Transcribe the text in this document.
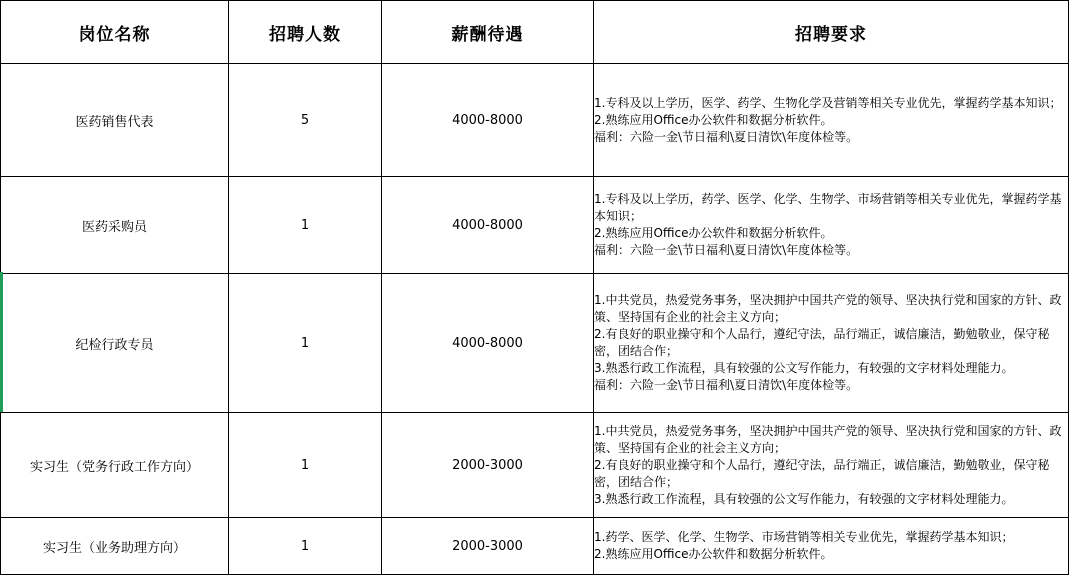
岗位名称	招聘人数	薪酬待遇	招聘要求
医药销售代表	5	4000-8000	1.专科及以上学历，医学、药学、生物化学及营销等相关专业优先，掌握药学基本知识；
2.熟练应用Office办公软件和数据分析软件。
福利：六险一金\节日福利\夏日清饮\年度体检等。

医药采购员	1	4000-8000	1.专科及以上学历，药学、医学、化学、生物学、市场营销等相关专业优先，掌握药学基本知识；
2.熟练应用Office办公软件和数据分析软件。
福利：六险一金\节日福利\夏日清饮\年度体检等。

纪检行政专员	1	4000-8000	1.中共党员，热爱党务事务，坚决拥护中国共产党的领导、坚决执行党和国家的方针、政策、坚持国有企业的社会主义方向；
2.有良好的职业操守和个人品行，遵纪守法，品行端正，诚信廉洁，勤勉敬业，保守秘密，团结合作；
3.熟悉行政工作流程，具有较强的公文写作能力，有较强的文字材料处理能力。
福利：六险一金\节日福利\夏日清饮\年度体检等。

实习生（党务行政工作方向）	1	2000-3000	1.中共党员，热爱党务事务，坚决拥护中国共产党的领导、坚决执行党和国家的方针、政策、坚持国有企业的社会主义方向；
2.有良好的职业操守和个人品行，遵纪守法，品行端正，诚信廉洁，勤勉敬业，保守秘密，团结合作；
3.熟悉行政工作流程，具有较强的公文写作能力，有较强的文字材料处理能力。

实习生（业务助理方向）	1	2000-3000	1.药学、医学、化学、生物学、市场营销等相关专业优先，掌握药学基本知识；
2.熟练应用Office办公软件和数据分析软件。
